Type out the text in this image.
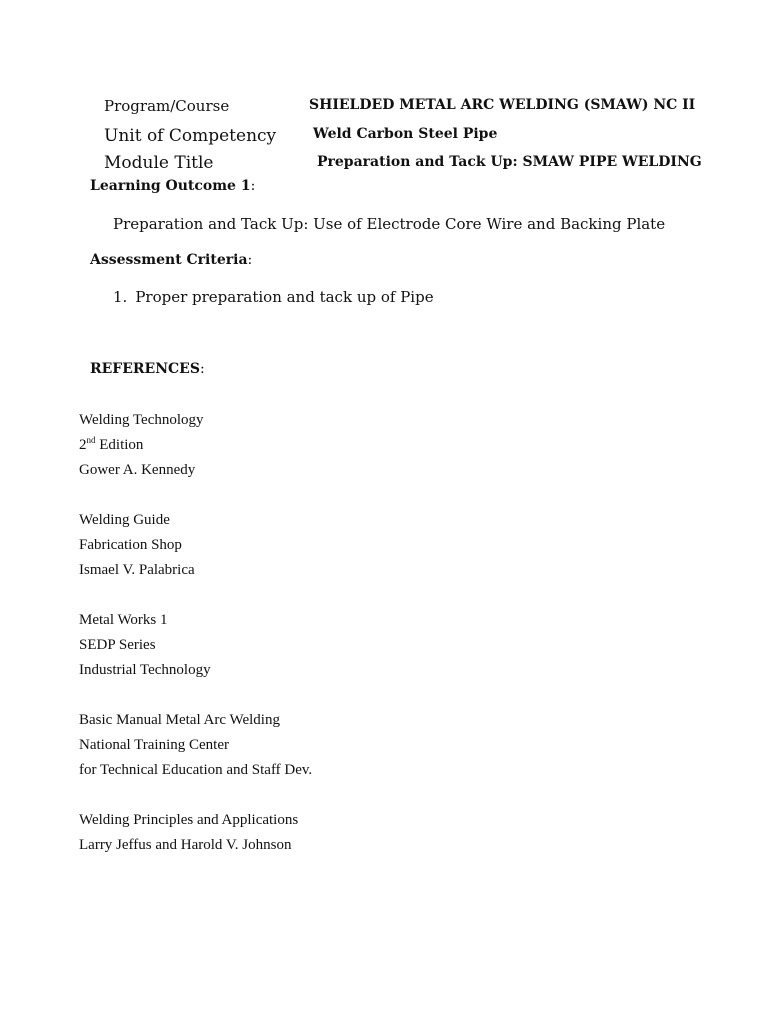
Program/Course	SHIELDED METAL ARC WELDING (SMAW) NC II
Unit of Competency	Weld Carbon Steel Pipe
Module Title	Preparation and Tack Up: SMAW PIPE WELDING
Learning Outcome 1:
Preparation and Tack Up: Use of Electrode Core Wire and Backing Plate
Assessment Criteria:
1. Proper preparation and tack up of Pipe
REFERENCES:
Welding Technology
2nd Edition
Gower A. Kennedy
Welding Guide
Fabrication Shop
Ismael V. Palabrica
Metal Works 1
SEDP Series
Industrial Technology
Basic Manual Metal Arc Welding
National Training Center
for Technical Education and Staff Dev.
Welding Principles and Applications
Larry Jeffus and Harold V. Johnson
